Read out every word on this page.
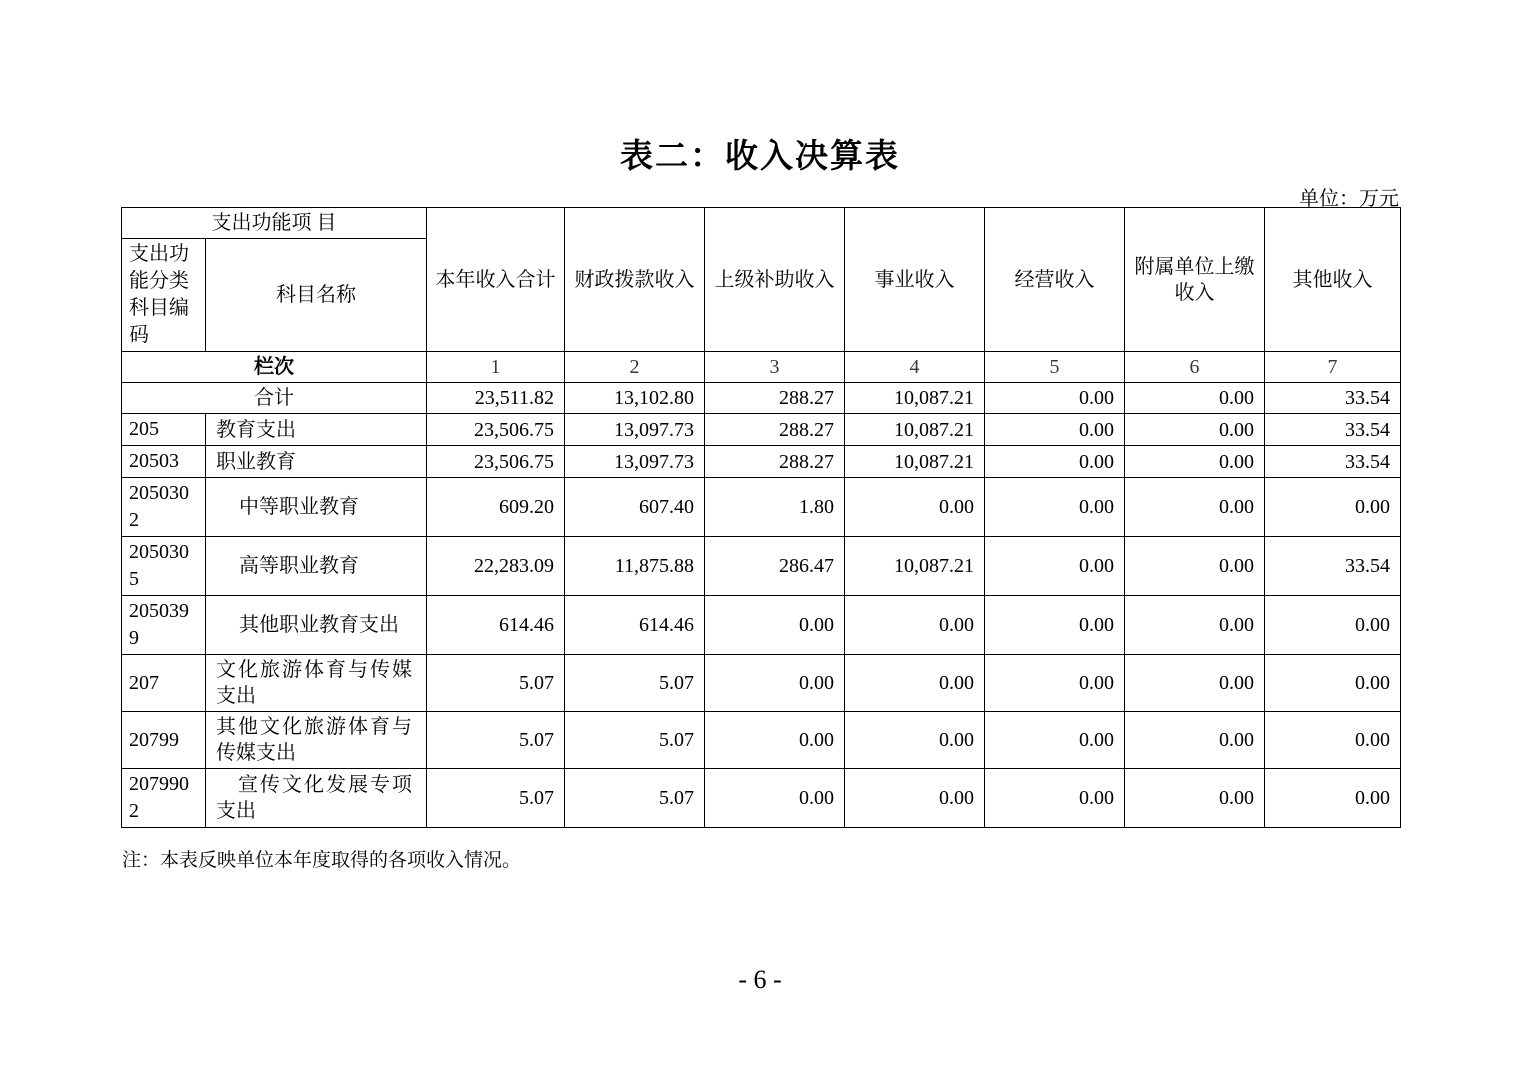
表二：收入决算表
单位：万元
支出功能项 目		本年收入合计	财政拨款收入	上级补助收入	事业收入	经营收入	附属单位上缴收入	其他收入
支出功能分类科目编码	科目名称							
栏次		1	2	3	4	5	6	7
合计		23,511.82	13,102.80	288.27	10,087.21	0.00	0.00	33.54
205	教育支出	23,506.75	13,097.73	288.27	10,087.21	0.00	0.00	33.54
20503	职业教育	23,506.75	13,097.73	288.27	10,087.21	0.00	0.00	33.54
2050302	中等职业教育	609.20	607.40	1.80	0.00	0.00	0.00	0.00
2050305	高等职业教育	22,283.09	11,875.88	286.47	10,087.21	0.00	0.00	33.54
2050399	其他职业教育支出	614.46	614.46	0.00	0.00	0.00	0.00	0.00
207	文化旅游体育与传媒支出	5.07	5.07	0.00	0.00	0.00	0.00	0.00
20799	其他文化旅游体育与传媒支出	5.07	5.07	0.00	0.00	0.00	0.00	0.00
2079902	宣传文化发展专项支出	5.07	5.07	0.00	0.00	0.00	0.00	0.00
注：本表反映单位本年度取得的各项收入情况。
- 6 -
